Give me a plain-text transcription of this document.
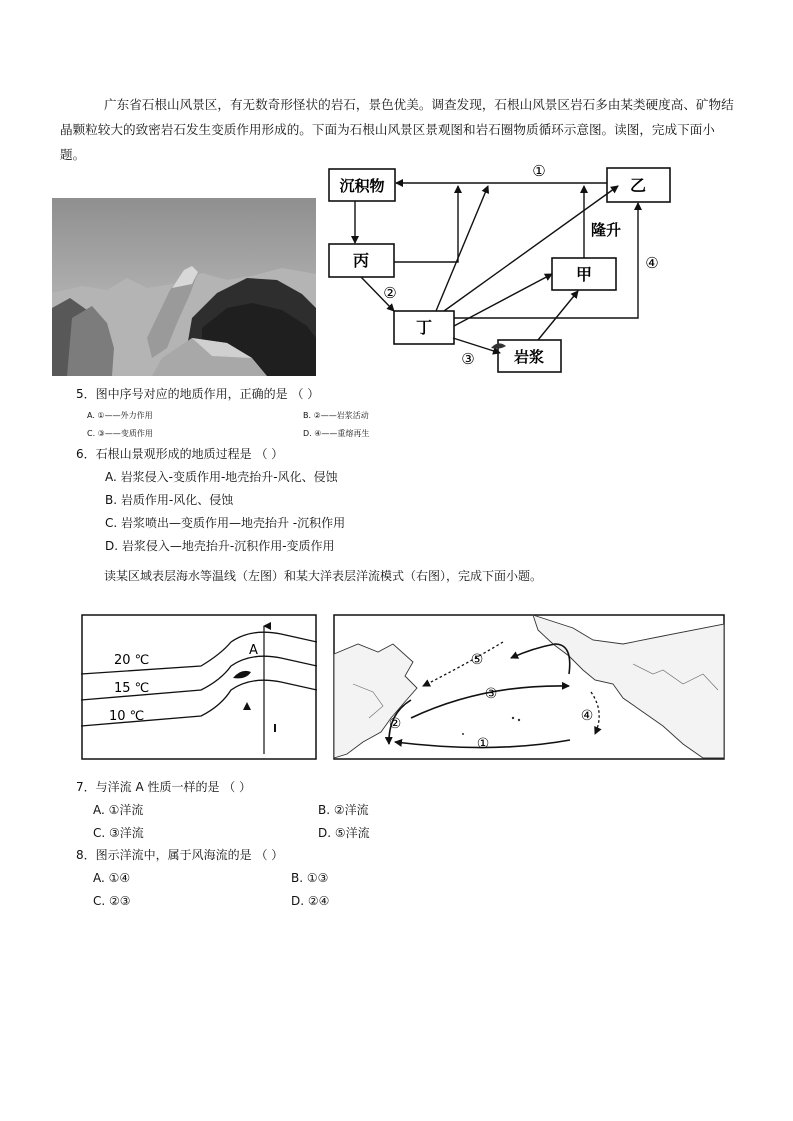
广东省石根山风景区，有无数奇形怪状的岩石，景色优美。调查发现，石根山风景区岩石多由某类硬度高、矿物结晶颗粒较大的致密岩石发生变质作用形成的。下面为石根山风景区景观图和岩石圈物质循环示意图。读图，完成下面小题。

沉积物	乙
丙
甲
丁
岩浆
①
②
③
④
隆升
5．图中序号对应的地质作用，正确的是 （ ）
A. ①——外力作用	B. ②——岩浆活动
C. ③——变质作用	D. ④——重熔再生
6．石根山景观形成的地质过程是 （ ）
A. 岩浆侵入-变质作用-地壳抬升-风化、侵蚀
B. 岩质作用-风化、侵蚀
C. 岩浆喷出—变质作用—地壳抬升 -沉积作用
D. 岩浆侵入—地壳抬升-沉积作用-变质作用
读某区域表层海水等温线（左图）和某大洋表层洋流模式（右图），完成下面小题。
20 ℃
15 ℃
10 ℃
A
①
②
③
④
⑤
7．与洋流 A 性质一样的是 （ ）
A. ①洋流	B. ②洋流
C. ③洋流	D. ⑤洋流
8．图示洋流中，属于风海流的是 （ ）
A. ①④	B. ①③
C. ②③	D. ②④
